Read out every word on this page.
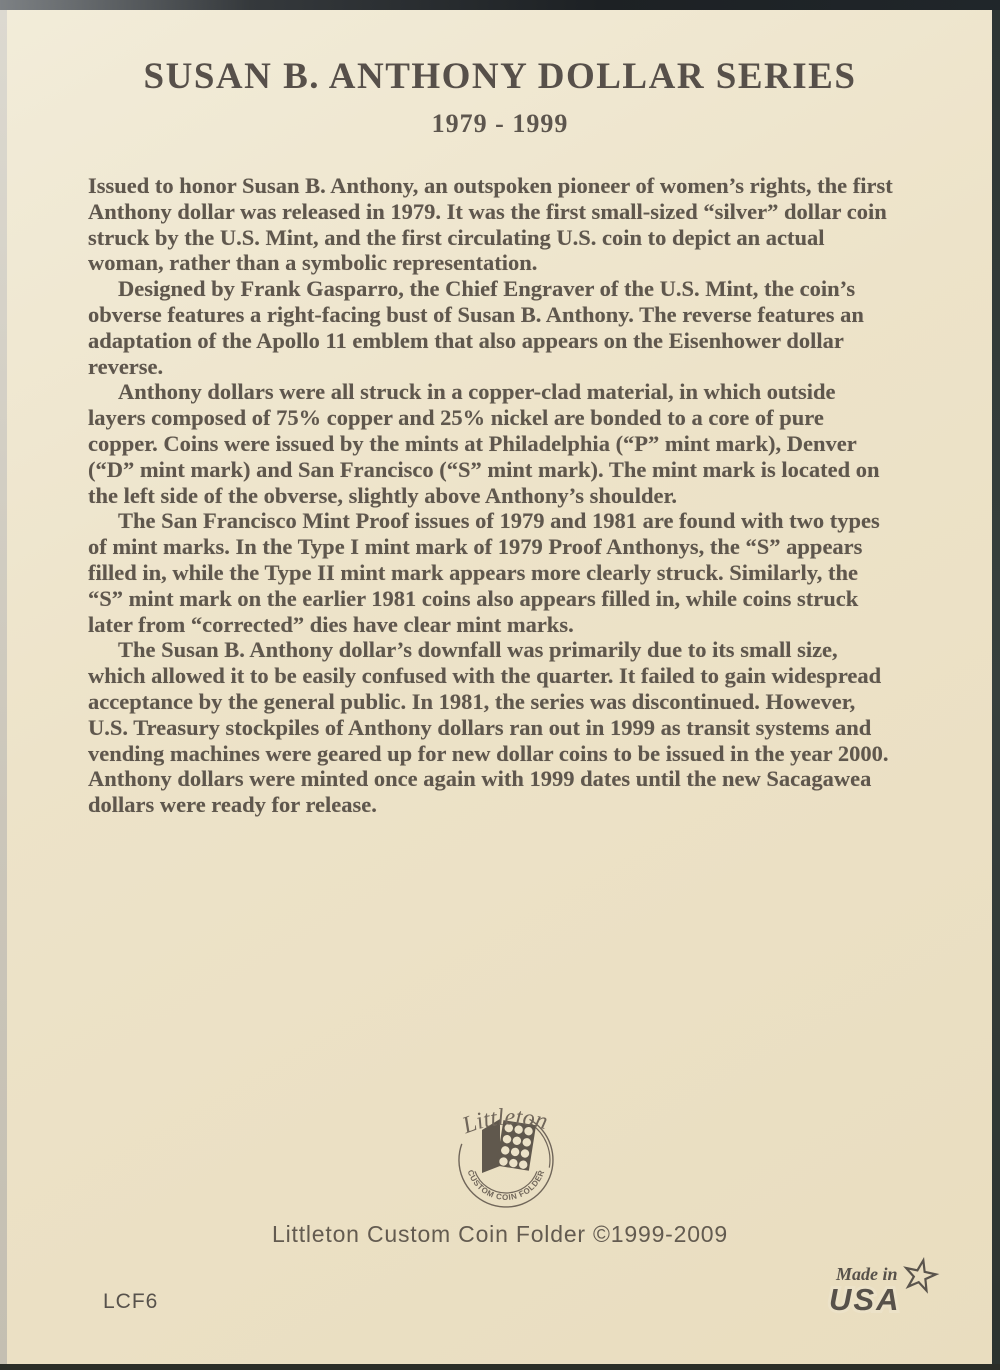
SUSAN B. ANTHONY DOLLAR SERIES
1979 - 1999

Issued to honor Susan B. Anthony, an outspoken pioneer of women’s rights, the first Anthony dollar was released in 1979. It was the first small-sized “silver” dollar coin struck by the U.S. Mint, and the first circulating U.S. coin to depict an actual woman, rather than a symbolic representation.

Designed by Frank Gasparro, the Chief Engraver of the U.S. Mint, the coin’s obverse features a right-facing bust of Susan B. Anthony. The reverse features an adaptation of the Apollo 11 emblem that also appears on the Eisenhower dollar reverse.

Anthony dollars were all struck in a copper-clad material, in which outside layers composed of 75% copper and 25% nickel are bonded to a core of pure copper. Coins were issued by the mints at Philadelphia (“P” mint mark), Denver (“D” mint mark) and San Francisco (“S” mint mark). The mint mark is located on the left side of the obverse, slightly above Anthony’s shoulder.

The San Francisco Mint Proof issues of 1979 and 1981 are found with two types of mint marks. In the Type I mint mark of 1979 Proof Anthonys, the “S” appears filled in, while the Type II mint mark appears more clearly struck. Similarly, the “S” mint mark on the earlier 1981 coins also appears filled in, while coins struck later from “corrected” dies have clear mint marks.

The Susan B. Anthony dollar’s downfall was primarily due to its small size, which allowed it to be easily confused with the quarter. It failed to gain widespread acceptance by the general public. In 1981, the series was discontinued. However, U.S. Treasury stockpiles of Anthony dollars ran out in 1999 as transit systems and vending machines were geared up for new dollar coins to be issued in the year 2000. Anthony dollars were minted once again with 1999 dates until the new Sacagawea dollars were ready for release.

Littleton
CUSTOM COIN FOLDER
Littleton Custom Coin Folder ©1999-2009
LCF6
Made in
USA
